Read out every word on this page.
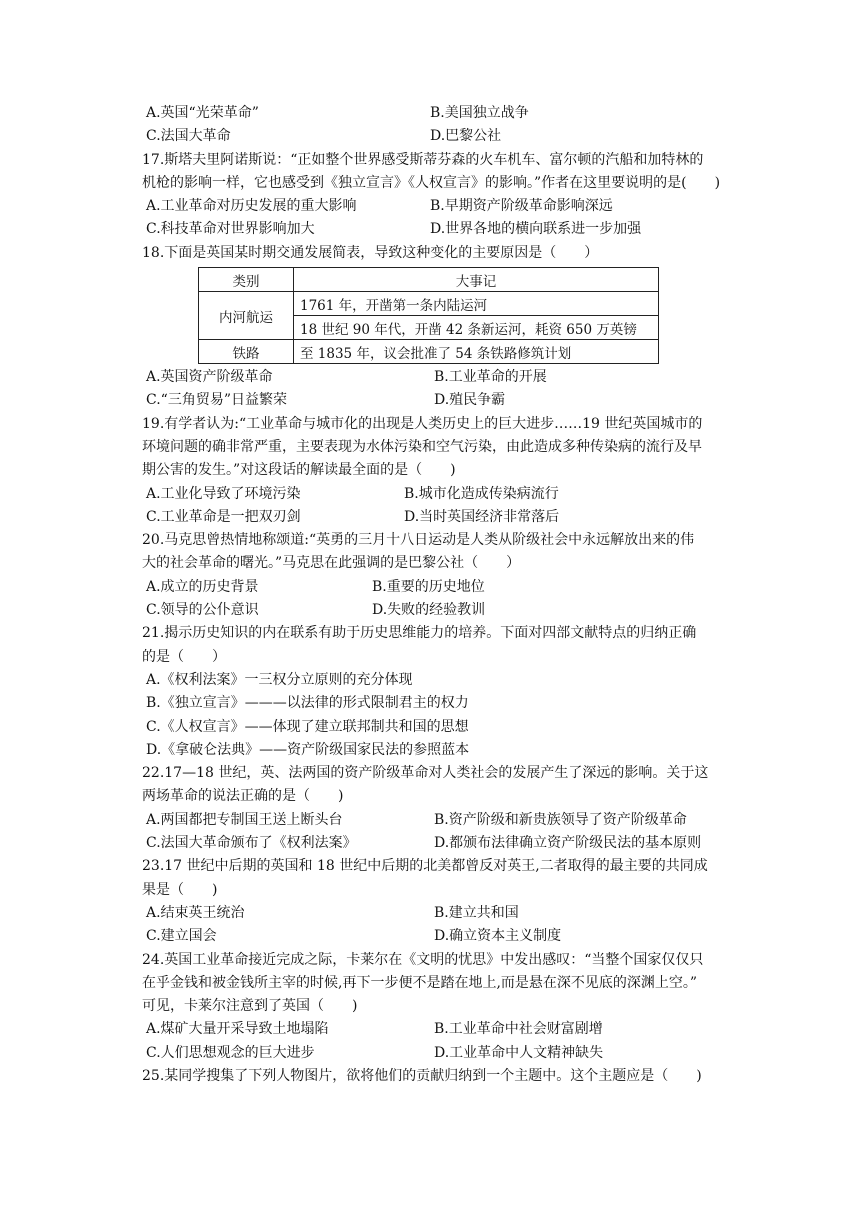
A.英国“光荣革命”	B.美国独立战争
C.法国大革命	D.巴黎公社
17.斯塔夫里阿诺斯说：“正如整个世界感受斯蒂芬森的火车机车、富尔顿的汽船和加特林的
机枪的影响一样，它也感受到《独立宣言》《人权宣言》的影响。”作者在这里要说明的是(　　)
A.工业革命对历史发展的重大影响	B.早期资产阶级革命影响深远
C.科技革命对世界影响加大	D.世界各地的横向联系进一步加强
18.下面是英国某时期交通发展简表，导致这种变化的主要原因是（　　）
类别	大事记
内河航运	1761 年，开凿第一条内陆运河
	18 世纪 90 年代，开凿 42 条新运河，耗资 650 万英镑
铁路	至 1835 年，议会批准了 54 条铁路修筑计划
A.英国资产阶级革命	B.工业革命的开展
C.“三角贸易”日益繁荣	D.殖民争霸
19.有学者认为:“工业革命与城市化的出现是人类历史上的巨大进步……19 世纪英国城市的
环境问题的确非常严重，主要表现为水体污染和空气污染，由此造成多种传染病的流行及早
期公害的发生。”对这段话的解读最全面的是（　　)
A.工业化导致了环境污染	B.城市化造成传染病流行
C.工业革命是一把双刃剑	D.当时英国经济非常落后
20.马克思曾热情地称颂道:“英勇的三月十八日运动是人类从阶级社会中永远解放出来的伟
大的社会革命的曙光。”马克思在此强调的是巴黎公社（　　）
A.成立的历史背景	B.重要的历史地位
C.领导的公仆意识	D.失败的经验教训
21.揭示历史知识的内在联系有助于历史思维能力的培养。下面对四部文献特点的归纳正确
的是（　　）
A.《权利法案》一三权分立原则的充分体现
B.《独立宣言》———以法律的形式限制君主的权力
C.《人权宣言》——体现了建立联邦制共和国的思想
D.《拿破仑法典》——资产阶级国家民法的参照蓝本
22.17—18 世纪，英、法两国的资产阶级革命对人类社会的发展产生了深远的影响。关于这
两场革命的说法正确的是（　　)
A.两国都把专制国王送上断头台	B.资产阶级和新贵族领导了资产阶级革命
C.法国大革命颁布了《权利法案》	D.都颁布法律确立资产阶级民法的基本原则
23.17 世纪中后期的英国和 18 世纪中后期的北美都曾反对英王,二者取得的最主要的共同成
果是（　　)
A.结束英王统治	B.建立共和国
C.建立国会	D.确立资本主义制度
24.英国工业革命接近完成之际，卡莱尔在《文明的忧思》中发出感叹：“当整个国家仅仅只
在乎金钱和被金钱所主宰的时候,再下一步便不是踏在地上,而是悬在深不见底的深渊上空。”
可见，卡莱尔注意到了英国（　　)
A.煤矿大量开采导致土地塌陷	B.工业革命中社会财富剧增
C.人们思想观念的巨大进步	D.工业革命中人文精神缺失
25.某同学搜集了下列人物图片，欲将他们的贡献归纳到一个主题中。这个主题应是（　　)
